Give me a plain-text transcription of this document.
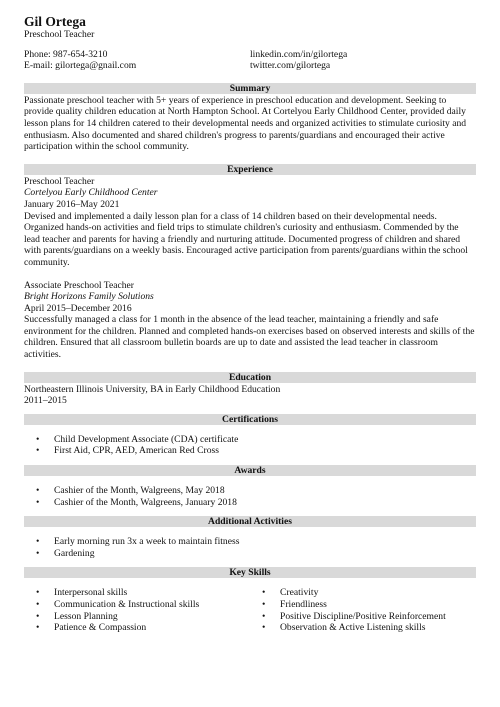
Gil Ortega
Preschool Teacher
Phone: 987-654-3210
E-mail: gilortega@gnail.com
linkedin.com/in/gilortega
twitter.com/gilortega
Summary

Passionate preschool teacher with 5+ years of experience in preschool education and development. Seeking to provide quality children education at North Hampton School. At Cortelyou Early Childhood Center, provided daily lesson plans for 14 children catered to their developmental needs and organized activities to stimulate curiosity and enthusiasm. Also documented and shared children's progress to parents/guardians and encouraged their active participation within the school community.

Experience
Preschool Teacher
Cortelyou Early Childhood Center
January 2016–May 2021

Devised and implemented a daily lesson plan for a class of 14 children based on their developmental needs. Organized hands-on activities and field trips to stimulate children's curiosity and enthusiasm. Commended by the lead teacher and parents for having a friendly and nurturing attitude. Documented progress of children and shared with parents/guardians on a weekly basis. Encouraged active participation from parents/guardians within the school community.

Associate Preschool Teacher
Bright Horizons Family Solutions
April 2015–December 2016

Successfully managed a class for 1 month in the absence of the lead teacher, maintaining a friendly and safe environment for the children. Planned and completed hands-on exercises based on observed interests and skills of the children. Ensured that all classroom bulletin boards are up to date and assisted the lead teacher in classroom activities.

Education
Northeastern Illinois University, BA in Early Childhood Education
2011–2015
Certifications
• Child Development Associate (CDA) certificate
• First Aid, CPR, AED, American Red Cross
Awards
• Cashier of the Month, Walgreens, May 2018
• Cashier of the Month, Walgreens, January 2018
Additional Activities
• Early morning run 3x a week to maintain fitness
• Gardening
Key Skills
• Interpersonal skills
• Communication & Instructional skills
• Lesson Planning
• Patience & Compassion
• Creativity
• Friendliness
• Positive Discipline/Positive Reinforcement
• Observation & Active Listening skills
